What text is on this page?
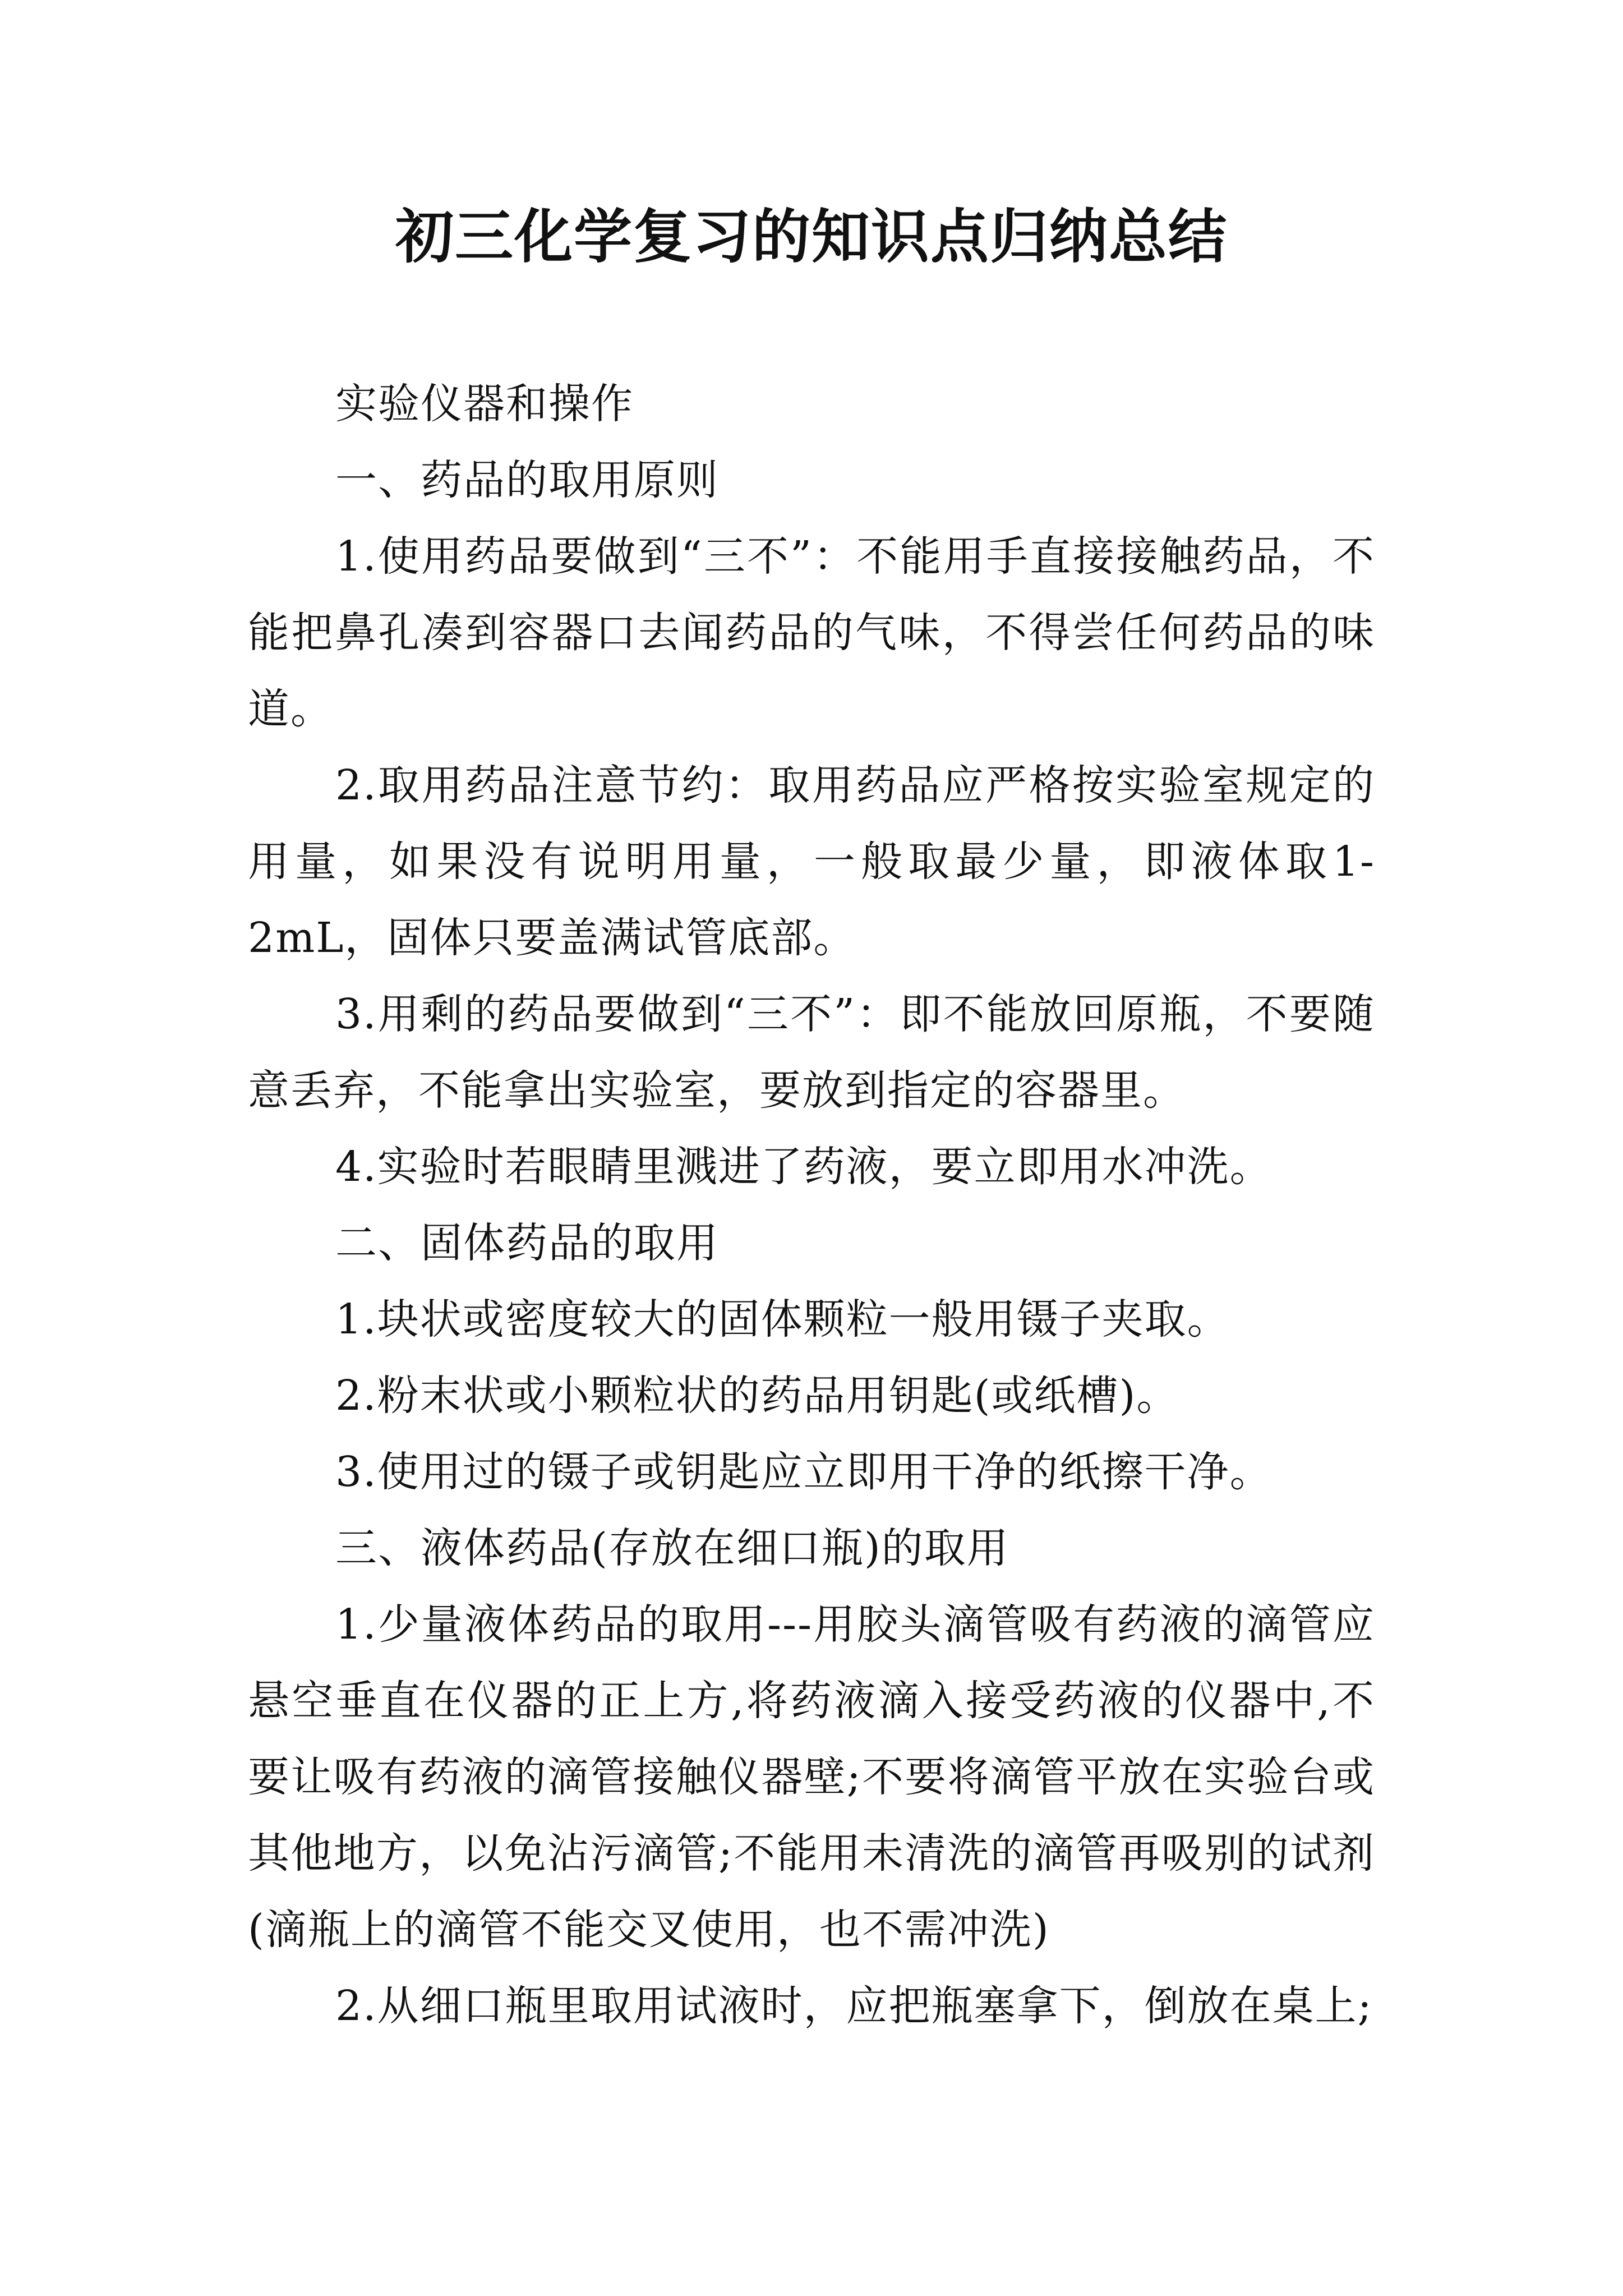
初三化学复习的知识点归纳总结

实验仪器和操作

一、药品的取用原则

1.使用药品要做到“三不”：不能用手直接接触药品，不能把鼻孔凑到容器口去闻药品的气味，不得尝任何药品的味道。

2.取用药品注意节约：取用药品应严格按实验室规定的用量，如果没有说明用量，一般取最少量，即液体取1-2mL，固体只要盖满试管底部。

3.用剩的药品要做到“三不”：即不能放回原瓶，不要随意丢弃，不能拿出实验室，要放到指定的容器里。

4.实验时若眼睛里溅进了药液，要立即用水冲洗。

二、固体药品的取用

1.块状或密度较大的固体颗粒一般用镊子夹取。

2.粉末状或小颗粒状的药品用钥匙(或纸槽)。

3.使用过的镊子或钥匙应立即用干净的纸擦干净。

三、液体药品(存放在细口瓶)的取用

1.少量液体药品的取用---用胶头滴管吸有药液的滴管应悬空垂直在仪器的正上方,将药液滴入接受药液的仪器中,不要让吸有药液的滴管接触仪器壁;不要将滴管平放在实验台或其他地方，以免沾污滴管;不能用未清洗的滴管再吸别的试剂(滴瓶上的滴管不能交叉使用，也不需冲洗)

2.从细口瓶里取用试液时，应把瓶塞拿下，倒放在桌上;
